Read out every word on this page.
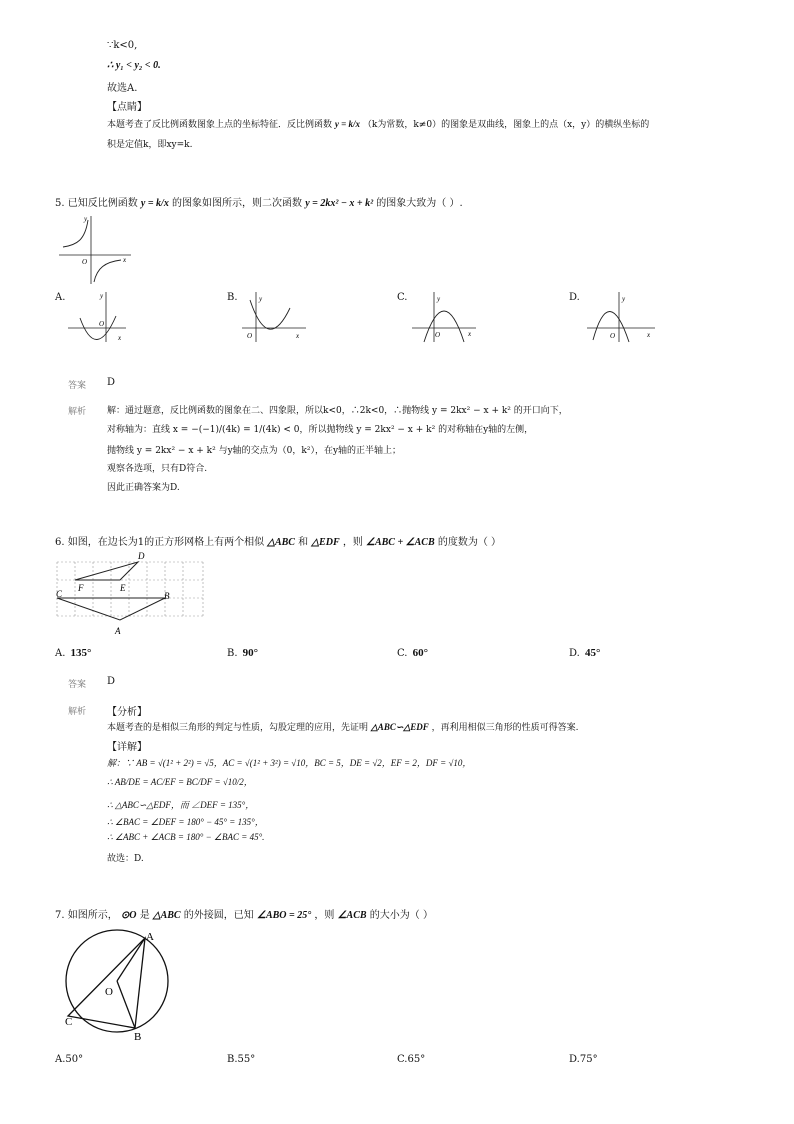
∵k<0,
∴ y₁ < y₂ < 0.
故选A.
【点睛】
本题考查了反比例函数图象上点的坐标特征．反比例函数 y = k/x （k为常数，k≠0）的图象是双曲线，图象上的点（x，y）的横纵坐标的
积是定值k，即xy=k.
5. 已知反比例函数 y = k/x 的图象如图所示，则二次函数 y = 2kx² − x + k² 的图象大致为（ ）.
y
x
O
A.	y
x
O
B.	y
x
O
C.	y
x
O
D.	y
x
O
答案 D
解析 解：通过题意，反比例函数的图象在二、四象限，所以k<0，∴2k<0，∴抛物线 y = 2kx² − x + k² 的开口向下，
对称轴为：直线 x = −(−1)/(4k) = 1/(4k) < 0，所以抛物线 y = 2kx² − x + k² 的对称轴在y轴的左侧，
抛物线 y = 2kx² − x + k² 与y轴的交点为（0，k²），在y轴的正半轴上；
观察各选项，只有D符合.
因此正确答案为D.
6. 如图，在边长为1的正方形网格上有两个相似 △ABC 和 △EDF ，则 ∠ABC + ∠ACB 的度数为（ ）
D
F	E
C	B
A
A. 135°	B. 90°	C. 60°	D. 45°
答案 D
解析 【分析】
本题考查的是相似三角形的判定与性质，勾股定理的应用，先证明 △ABC∽△EDF ，再利用相似三角形的性质可得答案.
【详解】
解：∵ AB = √(1² + 2²) = √5，AC = √(1² + 3²) = √10，BC = 5，DE = √2，EF = 2，DF = √10，
∴ AB/DE = AC/EF = BC/DF = √10/2，
∴ △ABC∽△EDF，而 ∠DEF = 135°，
∴ ∠BAC = ∠DEF = 180° − 45° = 135°，
∴ ∠ABC + ∠ACB = 180° − ∠BAC = 45°.
故选：D.
7. 如图所示， ⊙O 是 △ABC 的外接圆，已知 ∠ABO = 25° ，则 ∠ACB 的大小为（ ）
A
O
C
B
A.50°	B.55°	C.65°	D.75°
